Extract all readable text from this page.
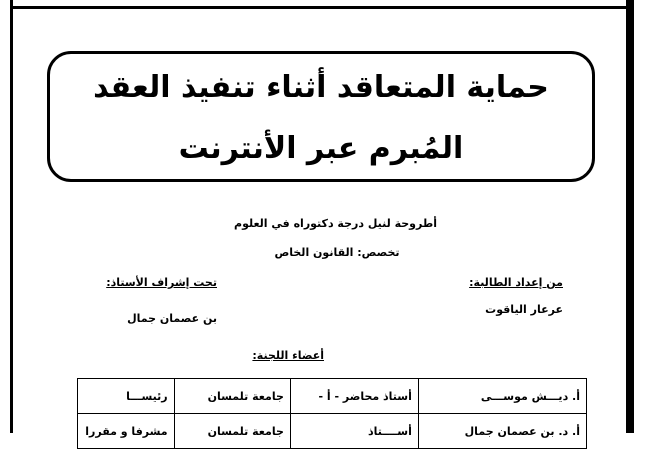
حماية المتعاقد أثناء تنفيذ العقد
المُبرم عبر الأنترنت
أطروحة لنيل درجة دكتوراه في العلوم
تخصص: القانون الخاص
من إعداد الطالبة:
عرعار الياقوت
تحت إشراف الأستاذ:
بن عصمان جمال
أعضاء اللجنة:
أ. ديـــش موســـى	أستاذ محاضر - أ -	جامعة تلمسان	رئيســـا
أ. د. بن عصمان جمال	أســــتاذ	جامعة تلمسان	مشرفا و مقررا
